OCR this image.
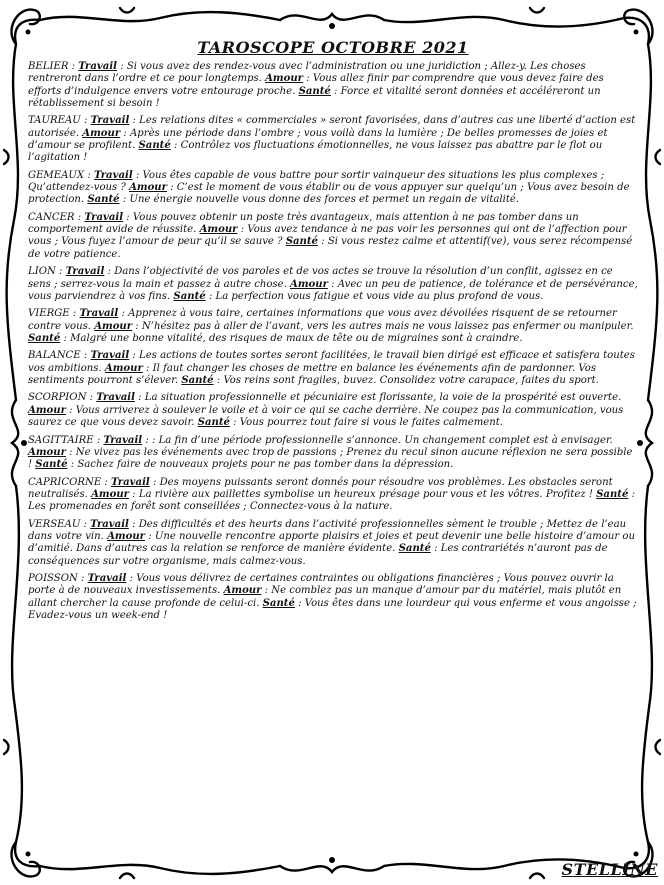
TAROSCOPE OCTOBRE 2021

BELIER : Travail : Si vous avez des rendez-vous avec l’administration ou une juridiction ; Allez-y. Les choses rentreront dans l’ordre et ce pour longtemps. Amour : Vous allez finir par comprendre que vous devez faire des efforts d’indulgence envers votre entourage proche. Santé : Force et vitalité seront données et accéléreront un rétablissement si besoin !

TAUREAU : Travail : Les relations dites « commerciales » seront favorisées, dans d’autres cas une liberté d’action est autorisée. Amour : Après une période dans l’ombre ; vous voilà dans la lumière ; De belles promesses de joies et d’amour se profilent. Santé : Contrôlez vos fluctuations émotionnelles, ne vous laissez pas abattre par le flot ou l’agitation !

GEMEAUX : Travail : Vous êtes capable de vous battre pour sortir vainqueur des situations les plus complexes ; Qu’attendez-vous ? Amour : C’est le moment de vous établir ou de vous appuyer sur quelqu’un ; Vous avez besoin de protection. Santé : Une énergie nouvelle vous donne des forces et permet un regain de vitalité.

CANCER : Travail : Vous pouvez obtenir un poste très avantageux, mais attention à ne pas tomber dans un comportement avide de réussite. Amour : Vous avez tendance à ne pas voir les personnes qui ont de l’affection pour vous ; Vous fuyez l’amour de peur qu’il se sauve ? Santé : Si vous restez calme et attentif(ve), vous serez récompensé de votre patience.

LION : Travail : Dans l’objectivité de vos paroles et de vos actes se trouve la résolution d’un conflit, agissez en ce sens ; serrez-vous la main et passez à autre chose. Amour : Avec un peu de patience, de tolérance et de persévérance, vous parviendrez à vos fins. Santé : La perfection vous fatigue et vous vide au plus profond de vous.

VIERGE : Travail : Apprenez à vous taire, certaines informations que vous avez dévoilées risquent de se retourner contre vous. Amour : N’hésitez pas à aller de l’avant, vers les autres mais ne vous laissez pas enfermer ou manipuler. Santé : Malgré une bonne vitalité, des risques de maux de tête ou de migraines sont à craindre.

BALANCE : Travail : Les actions de toutes sortes seront facilitées, le travail bien dirigé est efficace et satisfera toutes vos ambitions. Amour : Il faut changer les choses de mettre en balance les événements afin de pardonner. Vos sentiments pourront s’élever. Santé : Vos reins sont fragiles, buvez. Consolidez votre carapace, faites du sport.

SCORPION : Travail : La situation professionnelle et pécuniaire est florissante, la voie de la prospérité est ouverte. Amour : Vous arriverez à soulever le voile et à voir ce qui se cache derrière. Ne coupez pas la communication, vous saurez ce que vous devez savoir. Santé : Vous pourrez tout faire si vous le faites calmement.

SAGITTAIRE : Travail : : La fin d’une période professionnelle s’annonce. Un changement complet est à envisager. Amour : Ne vivez pas les événements avec trop de passions ; Prenez du recul sinon aucune réflexion ne sera possible ! Santé : Sachez faire de nouveaux projets pour ne pas tomber dans la dépression.

CAPRICORNE : Travail : Des moyens puissants seront donnés pour résoudre vos problèmes. Les obstacles seront neutralisés. Amour : La rivière aux paillettes symbolise un heureux présage pour vous et les vôtres. Profitez ! Santé : Les promenades en forêt sont conseillées ; Connectez-vous à la nature.

VERSEAU : Travail : Des difficultés et des heurts dans l’activité professionnelles sèment le trouble ; Mettez de l’eau dans votre vin. Amour : Une nouvelle rencontre apporte plaisirs et joies et peut devenir une belle histoire d’amour ou d’amitié. Dans d’autres cas la relation se renforce de manière évidente. Santé : Les contrariétés n’auront pas de conséquences sur votre organisme, mais calmez-vous.

POISSON : Travail : Vous vous délivrez de certaines contraintes ou obligations financières ; Vous pouvez ouvrir la porte à de nouveaux investissements. Amour : Ne comblez pas un manque d’amour par du matériel, mais plutôt en allant chercher la cause profonde de celui-ci. Santé : Vous êtes dans une lourdeur qui vous enferme et vous angoisse ; Evadez-vous un week-end !

STELLINE
